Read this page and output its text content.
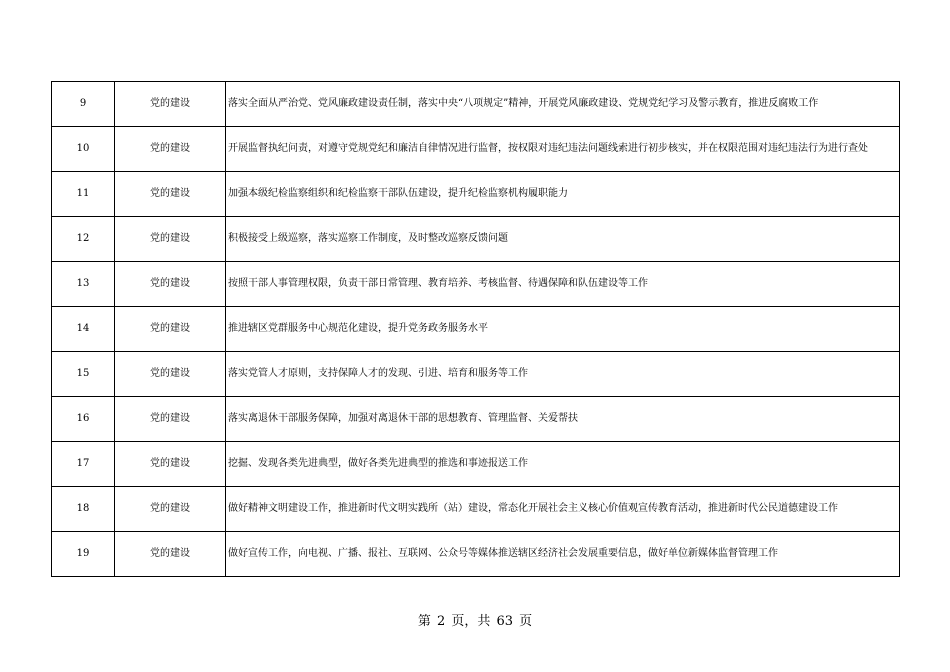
9	党的建设	落实全面从严治党、党风廉政建设责任制，落实中央“八项规定”精神，开展党风廉政建设、党规党纪学习及警示教育，推进反腐败工作
10	党的建设	开展监督执纪问责，对遵守党规党纪和廉洁自律情况进行监督，按权限对违纪违法问题线索进行初步核实，并在权限范围对违纪违法行为进行查处
11	党的建设	加强本级纪检监察组织和纪检监察干部队伍建设，提升纪检监察机构履职能力
12	党的建设	积极接受上级巡察，落实巡察工作制度，及时整改巡察反馈问题
13	党的建设	按照干部人事管理权限，负责干部日常管理、教育培养、考核监督、待遇保障和队伍建设等工作
14	党的建设	推进辖区党群服务中心规范化建设，提升党务政务服务水平
15	党的建设	落实党管人才原则，支持保障人才的发现、引进、培育和服务等工作
16	党的建设	落实离退休干部服务保障，加强对离退休干部的思想教育、管理监督、关爱帮扶
17	党的建设	挖掘、发现各类先进典型，做好各类先进典型的推选和事迹报送工作
18	党的建设	做好精神文明建设工作，推进新时代文明实践所（站）建设，常态化开展社会主义核心价值观宣传教育活动，推进新时代公民道德建设工作
19	党的建设	做好宣传工作，向电视、广播、报社、互联网、公众号等媒体推送辖区经济社会发展重要信息，做好单位新媒体监督管理工作
第 2 页，共 63 页
